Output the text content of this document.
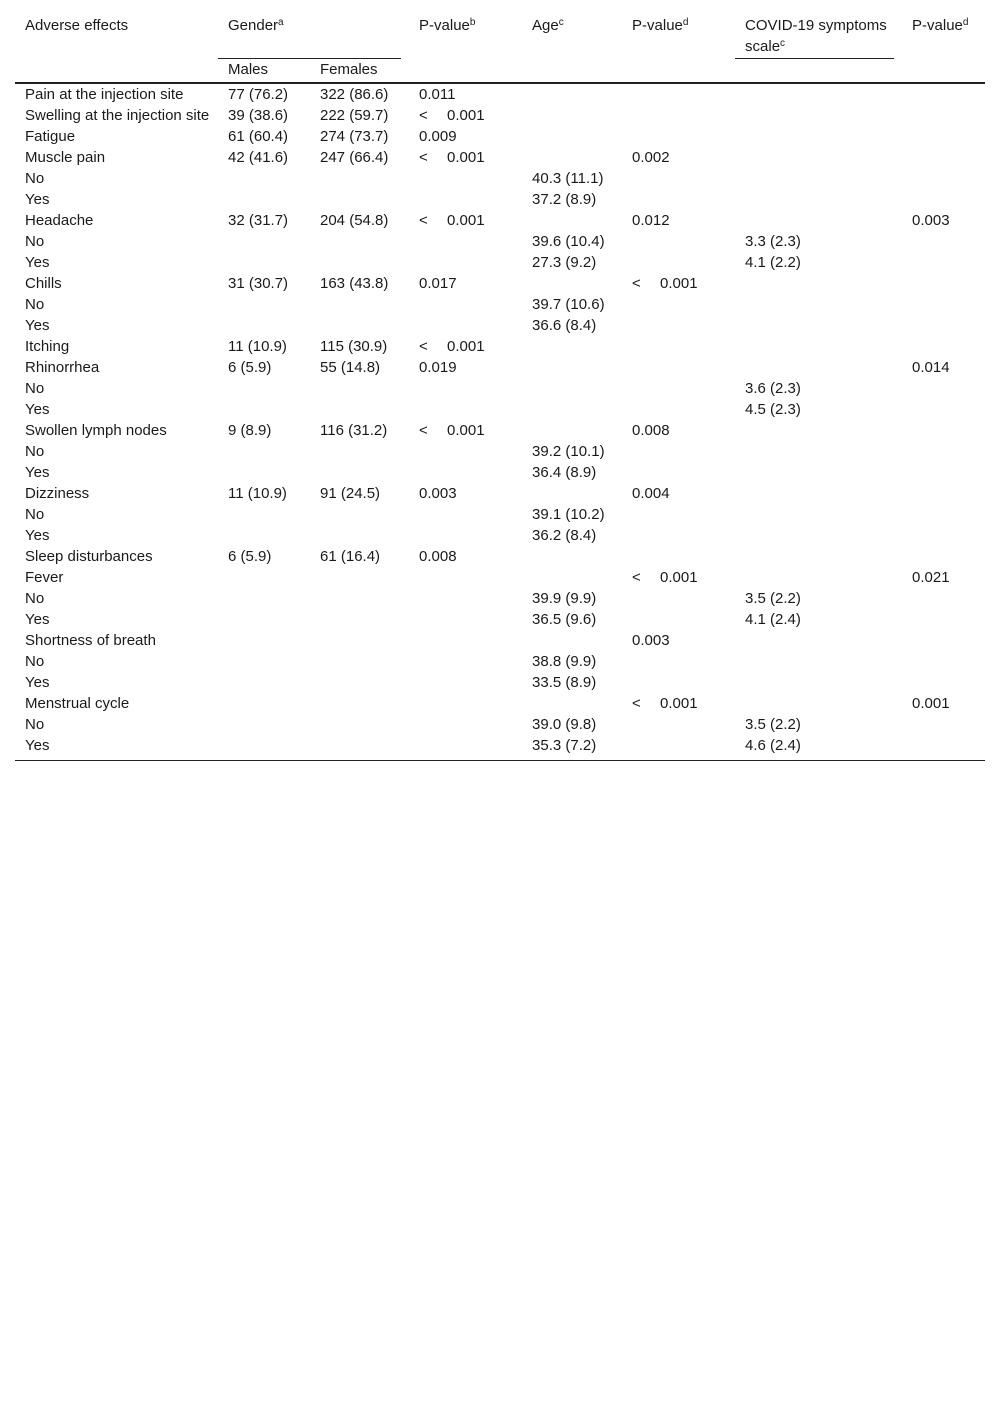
Adverse effects	Gender$^a$		P-value$^b$	Age$^c$	P-value$^d$	COVID-19 symptoms scale$^c$	P-value$^d$
	Males	Females					
Pain at the injection site	77 (76.2)	322 (86.6)	0.011				
Swelling at the injection site	39 (38.6)	222 (59.7)	< 0.001				
Fatigue	61 (60.4)	274 (73.7)	0.009				
Muscle pain	42 (41.6)	247 (66.4)	< 0.001		0.002		
No				40.3 (11.1)			
Yes				37.2 (8.9)			
Headache	32 (31.7)	204 (54.8)	< 0.001		0.012		0.003
No				39.6 (10.4)		3.3 (2.3)	
Yes				27.3 (9.2)		4.1 (2.2)	
Chills	31 (30.7)	163 (43.8)	0.017		< 0.001		
No				39.7 (10.6)			
Yes				36.6 (8.4)			
Itching	11 (10.9)	115 (30.9)	< 0.001				
Rhinorrhea	6 (5.9)	55 (14.8)	0.019				0.014
No						3.6 (2.3)	
Yes						4.5 (2.3)	
Swollen lymph nodes	9 (8.9)	116 (31.2)	< 0.001		0.008		
No				39.2 (10.1)			
Yes				36.4 (8.9)			
Dizziness	11 (10.9)	91 (24.5)	0.003		0.004		
No				39.1 (10.2)			
Yes				36.2 (8.4)			
Sleep disturbances	6 (5.9)	61 (16.4)	0.008				
Fever					< 0.001		0.021
No				39.9 (9.9)		3.5 (2.2)	
Yes				36.5 (9.6)		4.1 (2.4)	
Shortness of breath					0.003		
No				38.8 (9.9)			
Yes				33.5 (8.9)			
Menstrual cycle					< 0.001		0.001
No				39.0 (9.8)		3.5 (2.2)	
Yes				35.3 (7.2)		4.6 (2.4)	
